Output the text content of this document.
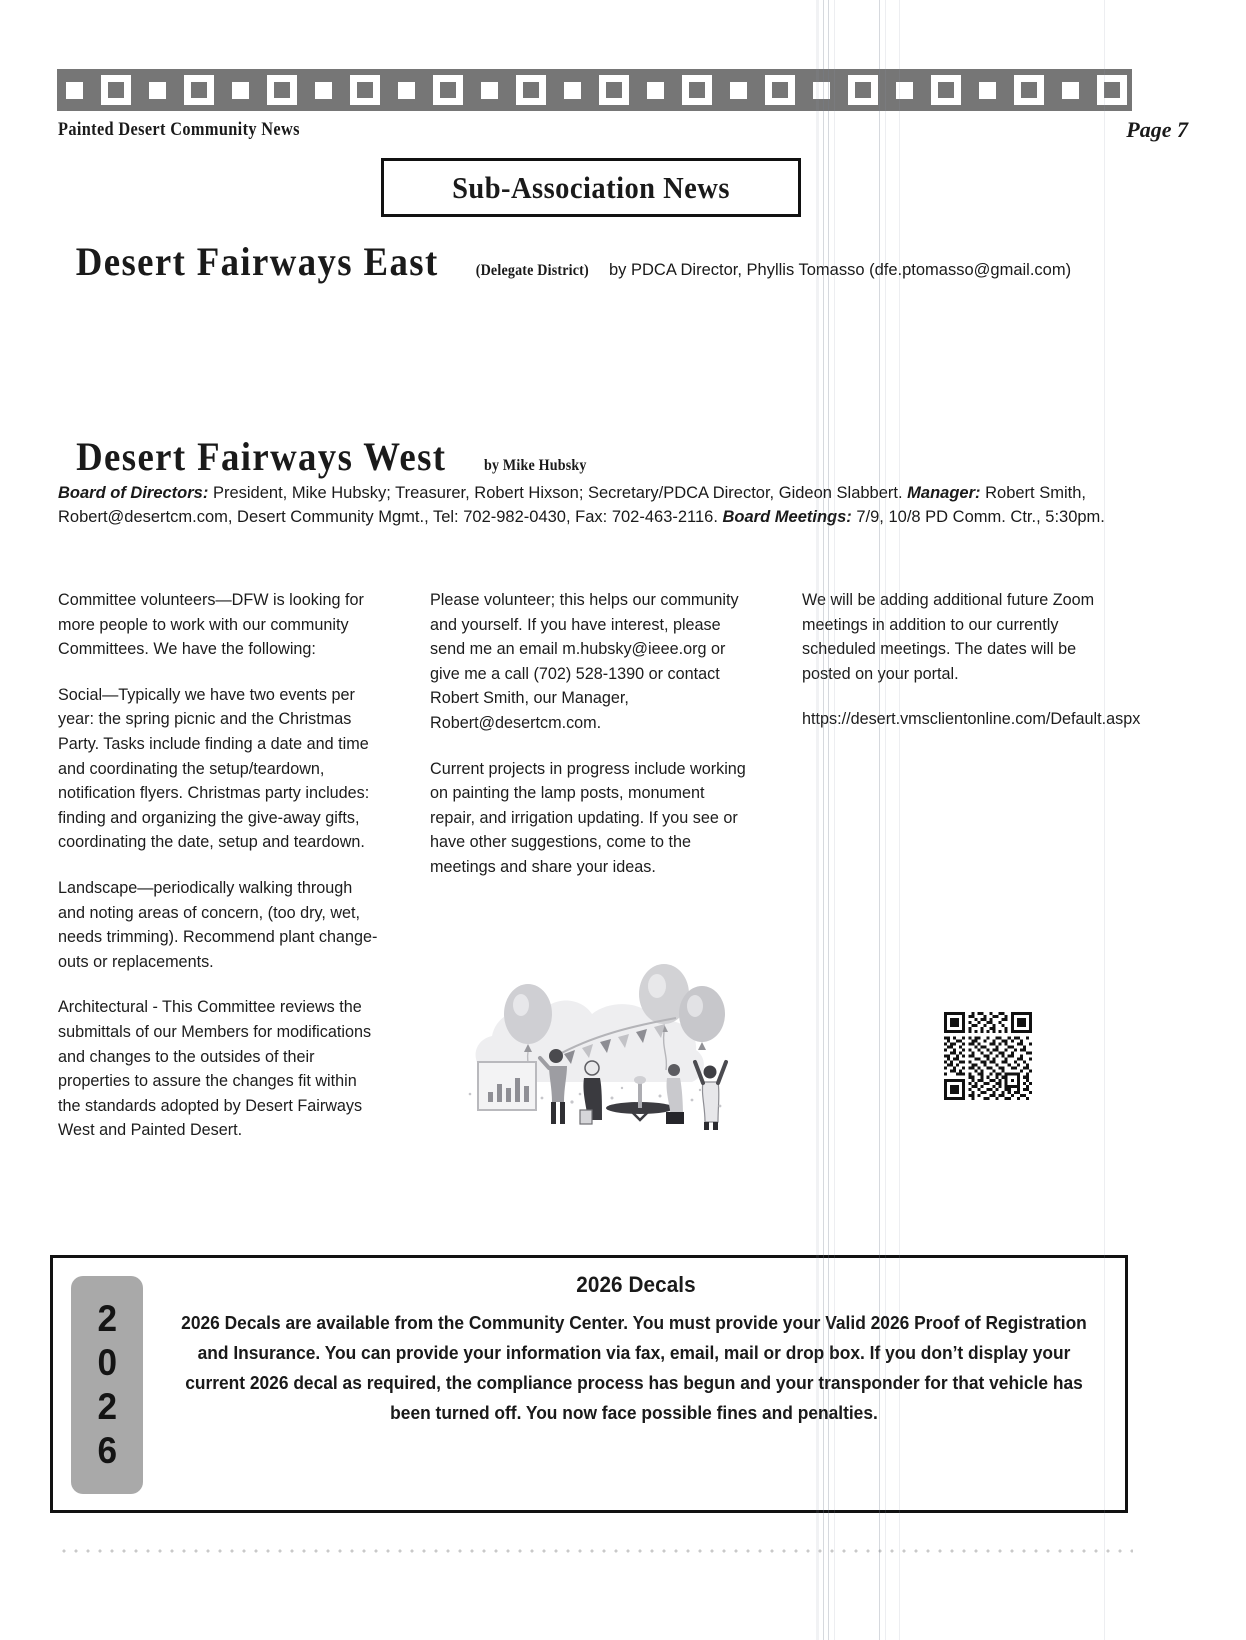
Painted Desert Community News	Page 7
Sub-Association News
Desert Fairways East (Delegate District) by PDCA Director, Phyllis Tomasso (dfe.ptomasso@gmail.com)
Desert Fairways West by Mike Hubsky
Board of Directors: President, Mike Hubsky; Treasurer, Robert Hixson; Secretary/PDCA Director, Gideon Slabbert. Manager: Robert Smith, Robert@desertcm.com, Desert Community Mgmt., Tel: 702-982-0430, Fax: 702-463-2116. Board Meetings: 7/9, 10/8 PD Comm. Ctr., 5:30pm.

Committee volunteers—DFW is looking for more people to work with our community Committees. We have the following:

Social—Typically we have two events per year: the spring picnic and the Christmas Party. Tasks include finding a date and time and coordinating the setup/teardown, notification flyers. Christmas party includes: finding and organizing the give-away gifts, coordinating the date, setup and teardown.

Landscape—periodically walking through and noting areas of concern, (too dry, wet, needs trimming). Recommend plant change-outs or replacements.

Architectural - This Committee reviews the submittals of our Members for modifications and changes to the outsides of their properties to assure the changes fit within the standards adopted by Desert Fairways West and Painted Desert.

Please volunteer; this helps our community and yourself. If you have interest, please send me an email m.hubsky@ieee.org or give me a call (702) 528-1390 or contact Robert Smith, our Manager, Robert@desertcm.com.

Current projects in progress include working on painting the lamp posts, monument repair, and irrigation updating. If you see or have other suggestions, come to the meetings and share your ideas.

We will be adding additional future Zoom meetings in addition to our currently scheduled meetings. The dates will be posted on your portal.

https://desert.vmsclientonline.com/Default.aspx

2
0
2
6
2026 Decals
2026 Decals are available from the Community Center. You must provide your Valid 2026 Proof of Registration and Insurance. You can provide your information via fax, email, mail or drop box. If you don’t display your current 2026 decal as required, the compliance process has begun and your transponder for that vehicle has been turned off. You now face possible fines and penalties.
